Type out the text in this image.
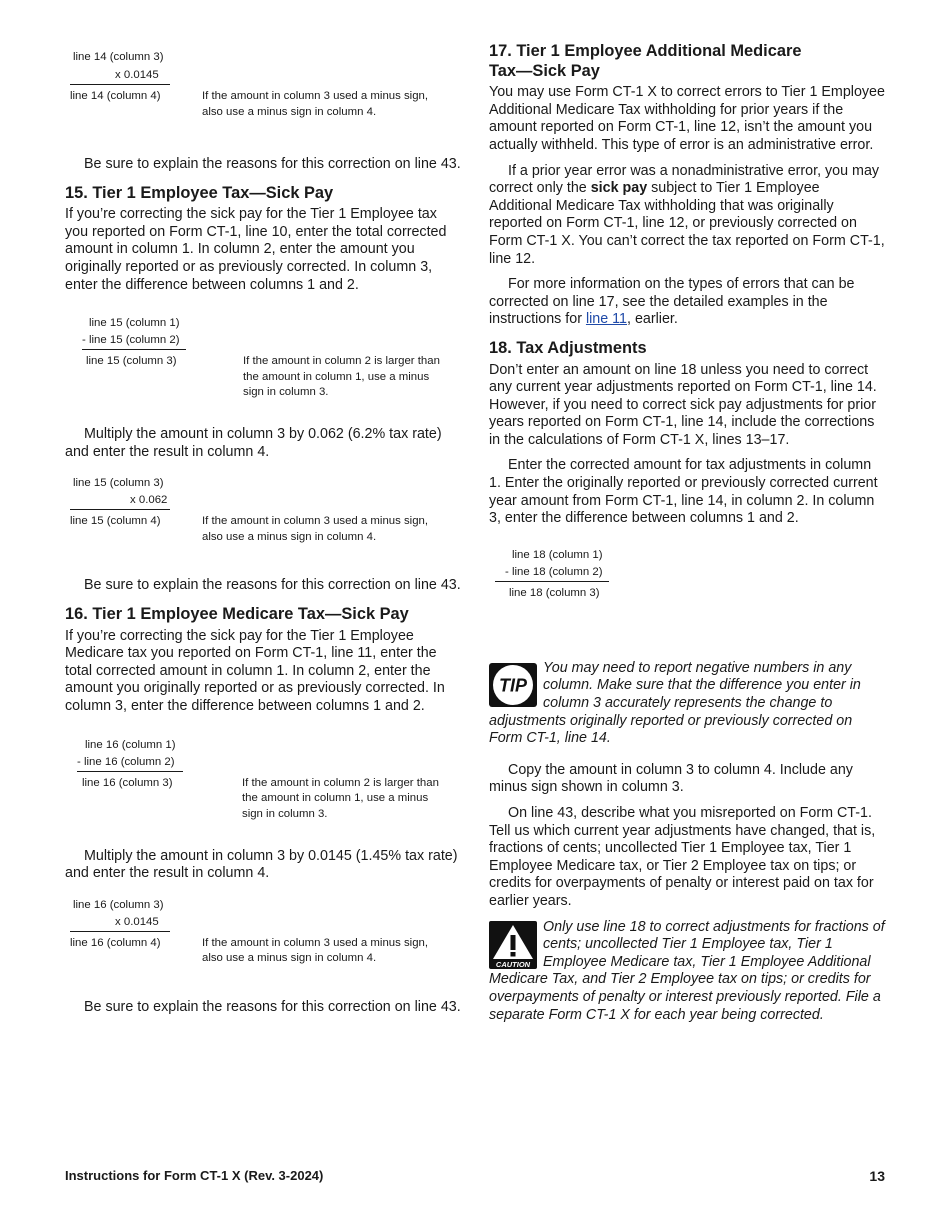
line 14 (column 3)
x 0.0145
line 14 (column 4)	If the amount in column 3 used a minus sign, also use a minus sign in column 4.

Be sure to explain the reasons for this correction on line 43.

15. Tier 1 Employee Tax—Sick Pay

If you’re correcting the sick pay for the Tier 1 Employee tax you reported on Form CT-1, line 10, enter the total corrected amount in column 1. In column 2, enter the amount you originally reported or as previously corrected. In column 3, enter the difference between columns 1 and 2.

line 15 (column 1)
- line 15 (column 2)
line 15 (column 3)	If the amount in column 2 is larger than the amount in column 1, use a minus sign in column 3.

Multiply the amount in column 3 by 0.062 (6.2% tax rate) and enter the result in column 4.

line 15 (column 3)
x 0.062
line 15 (column 4)	If the amount in column 3 used a minus sign, also use a minus sign in column 4.

Be sure to explain the reasons for this correction on line 43.

16. Tier 1 Employee Medicare Tax—Sick Pay

If you’re correcting the sick pay for the Tier 1 Employee Medicare tax you reported on Form CT-1, line 11, enter the total corrected amount in column 1. In column 2, enter the amount you originally reported or as previously corrected. In column 3, enter the difference between columns 1 and 2.

line 16 (column 1)
- line 16 (column 2)
line 16 (column 3)	If the amount in column 2 is larger than the amount in column 1, use a minus sign in column 3.

Multiply the amount in column 3 by 0.0145 (1.45% tax rate) and enter the result in column 4.

line 16 (column 3)
x 0.0145
line 16 (column 4)	If the amount in column 3 used a minus sign, also use a minus sign in column 4.

Be sure to explain the reasons for this correction on line 43.

17. Tier 1 Employee Additional Medicare Tax—Sick Pay

You may use Form CT-1 X to correct errors to Tier 1 Employee Additional Medicare Tax withholding for prior years if the amount reported on Form CT-1, line 12, isn’t the amount you actually withheld. This type of error is an administrative error.

If a prior year error was a nonadministrative error, you may correct only the sick pay subject to Tier 1 Employee Additional Medicare Tax withholding that was originally reported on Form CT-1, line 12, or previously corrected on Form CT-1 X. You can’t correct the tax reported on Form CT-1, line 12.

For more information on the types of errors that can be corrected on line 17, see the detailed examples in the instructions for line 11, earlier.

18. Tax Adjustments

Don’t enter an amount on line 18 unless you need to correct any current year adjustments reported on Form CT-1, line 14. However, if you need to correct sick pay adjustments for prior years reported on Form CT-1, line 14, include the corrections in the calculations of Form CT-1 X, lines 13–17.

Enter the corrected amount for tax adjustments in column 1. Enter the originally reported or previously corrected current year amount from Form CT-1, line 14, in column 2. In column 3, enter the difference between columns 1 and 2.

line 18 (column 1)
- line 18 (column 2)
line 18 (column 3)
TIP
You may need to report negative numbers in any column. Make sure that the difference you enter in column 3 accurately represents the change to adjustments originally reported or previously corrected on Form CT-1, line 14.

Copy the amount in column 3 to column 4. Include any minus sign shown in column 3.

On line 43, describe what you misreported on Form CT-1. Tell us which current year adjustments have changed, that is, fractions of cents; uncollected Tier 1 Employee tax, Tier 1 Employee Medicare tax, or Tier 2 Employee tax on tips; or credits for overpayments of penalty or interest paid on tax for earlier years.

CAUTION
Only use line 18 to correct adjustments for fractions of cents; uncollected Tier 1 Employee tax, Tier 1 Employee Medicare tax, Tier 1 Employee Additional Medicare Tax, and Tier 2 Employee tax on tips; or credits for overpayments of penalty or interest previously reported. File a separate Form CT-1 X for each year being corrected.
Instructions for Form CT-1 X (Rev. 3-2024)	13
